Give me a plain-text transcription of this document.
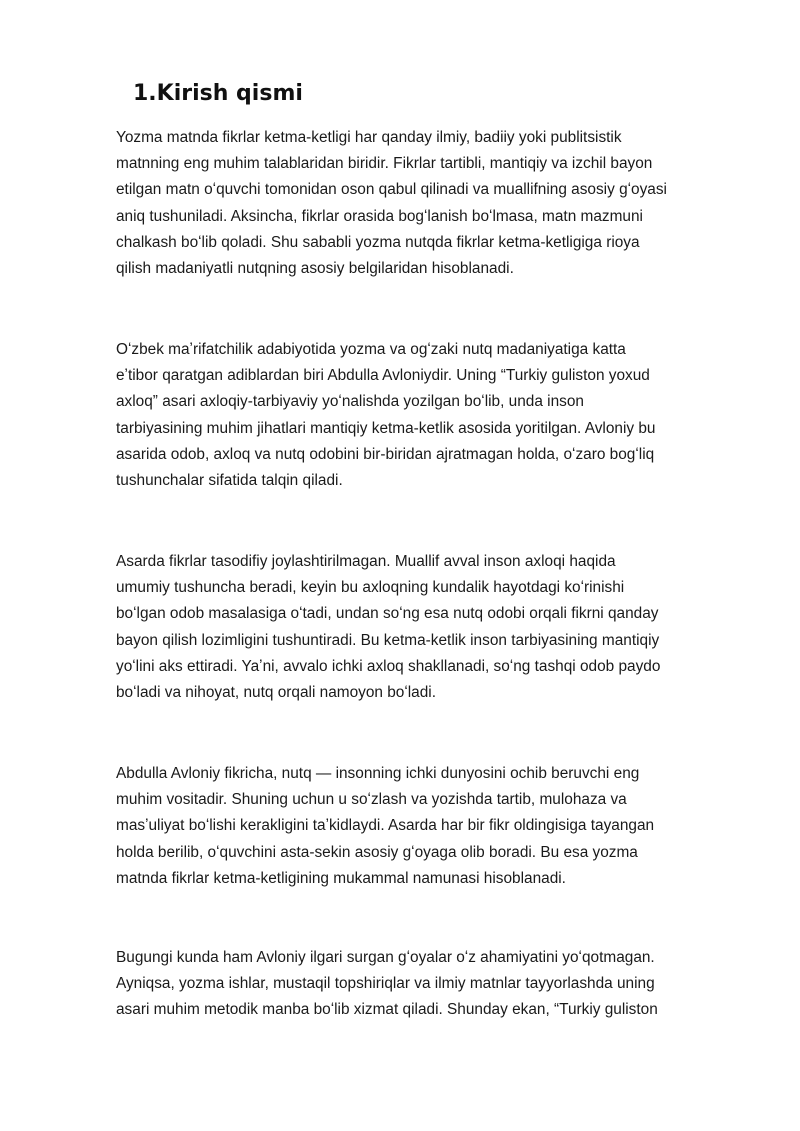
1.Kirish qismi

Yozma matnda fikrlar ketma-ketligi har qanday ilmiy, badiiy yoki publitsistik
matnning eng muhim talablaridan biridir. Fikrlar tartibli, mantiqiy va izchil bayon
etilgan matn oʻquvchi tomonidan oson qabul qilinadi va muallifning asosiy gʻoyasi
aniq tushuniladi. Aksincha, fikrlar orasida bogʻlanish boʻlmasa, matn mazmuni
chalkash boʻlib qoladi. Shu sababli yozma nutqda fikrlar ketma-ketligiga rioya
qilish madaniyatli nutqning asosiy belgilaridan hisoblanadi.

Oʻzbek maʼrifatchilik adabiyotida yozma va ogʻzaki nutq madaniyatiga katta
eʼtibor qaratgan adiblardan biri Abdulla Avloniydir. Uning “Turkiy guliston yoxud
axloq” asari axloqiy-tarbiyaviy yoʻnalishda yozilgan boʻlib, unda inson
tarbiyasining muhim jihatlari mantiqiy ketma-ketlik asosida yoritilgan. Avloniy bu
asarida odob, axloq va nutq odobini bir-biridan ajratmagan holda, oʻzaro bogʻliq
tushunchalar sifatida talqin qiladi.

Asarda fikrlar tasodifiy joylashtirilmagan. Muallif avval inson axloqi haqida
umumiy tushuncha beradi, keyin bu axloqning kundalik hayotdagi koʻrinishi
boʻlgan odob masalasiga oʻtadi, undan soʻng esa nutq odobi orqali fikrni qanday
bayon qilish lozimligini tushuntiradi. Bu ketma-ketlik inson tarbiyasining mantiqiy
yoʻlini aks ettiradi. Yaʼni, avvalo ichki axloq shakllanadi, soʻng tashqi odob paydo
boʻladi va nihoyat, nutq orqali namoyon boʻladi.

Abdulla Avloniy fikricha, nutq — insonning ichki dunyosini ochib beruvchi eng
muhim vositadir. Shuning uchun u soʻzlash va yozishda tartib, mulohaza va
masʼuliyat boʻlishi kerakligini taʼkidlaydi. Asarda har bir fikr oldingisiga tayangan
holda berilib, oʻquvchini asta-sekin asosiy gʻoyaga olib boradi. Bu esa yozma
matnda fikrlar ketma-ketligining mukammal namunasi hisoblanadi.

Bugungi kunda ham Avloniy ilgari surgan gʻoyalar oʻz ahamiyatini yoʻqotmagan.
Ayniqsa, yozma ishlar, mustaqil topshiriqlar va ilmiy matnlar tayyorlashda uning
asari muhim metodik manba boʻlib xizmat qiladi. Shunday ekan, “Turkiy guliston
